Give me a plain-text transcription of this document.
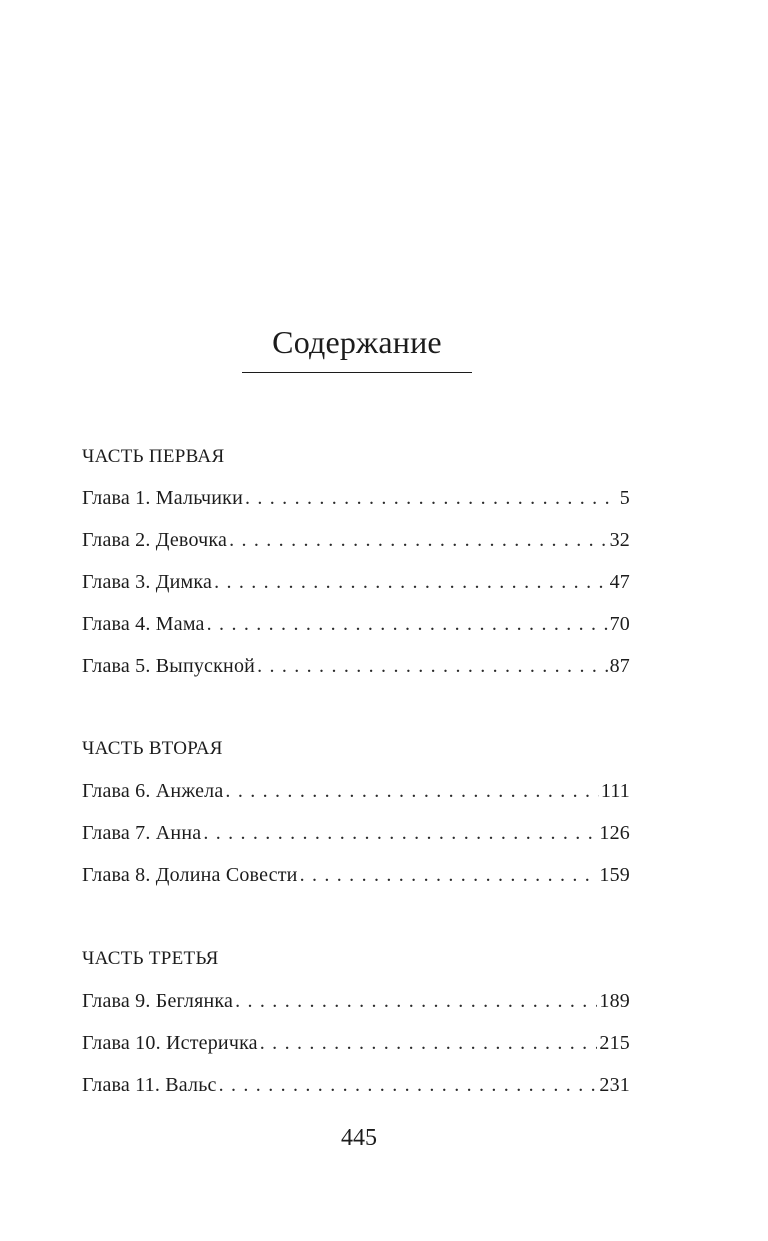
Содержание
ЧАСТЬ ПЕРВАЯ
Глава 1. Мальчики . . .	5
Глава 2. Девочка . . .	32
Глава 3. Димка . . .	47
Глава 4. Мама . . .	70
Глава 5. Выпускной . . .	87
ЧАСТЬ ВТОРАЯ
Глава 6. Анжела . . .	111
Глава 7. Анна . . .	126
Глава 8. Долина Совести . . .	159
ЧАСТЬ ТРЕТЬЯ
Глава 9. Беглянка . . .	189
Глава 10. Истеричка . . .	215
Глава 11. Вальс . . .	231
445
